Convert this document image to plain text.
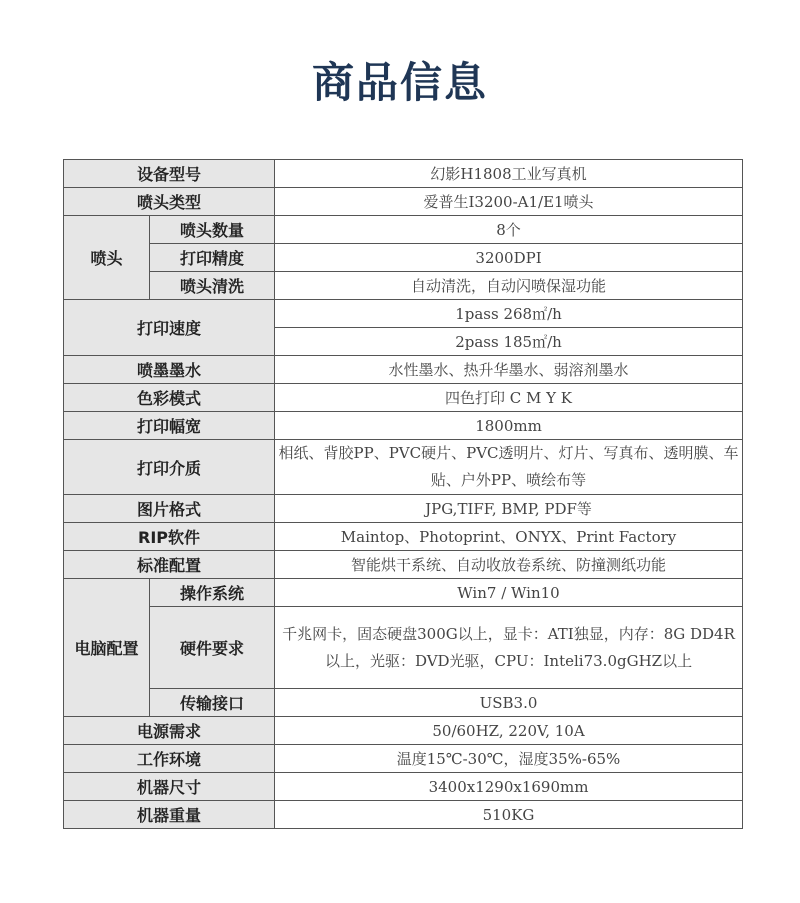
商品信息
设备型号		幻影H1808工业写真机
喷头类型		爱普生I3200-A1/E1喷头
喷头	喷头数量	8个
	打印精度	3200DPI
	喷头清洗	自动清洗，自动闪喷保湿功能
打印速度		1pass 268㎡/h
		2pass 185㎡/h
喷墨墨水		水性墨水、热升华墨水、弱溶剂墨水
色彩模式		四色打印 C M Y K
打印幅宽		1800mm
打印介质		相纸、背胶PP、PVC硬片、PVC透明片、灯片、写真布、透明膜、车贴、户外PP、喷绘布等
图片格式		JPG,TIFF, BMP, PDF等
RIP软件		Maintop、Photoprint、ONYX、Print Factory
标准配置		智能烘干系统、自动收放卷系统、防撞测纸功能
电脑配置	操作系统	Win7 / Win10
	硬件要求	千兆网卡，固态硬盘300G以上，显卡：ATI独显，内存：8G DD4R以上，光驱：DVD光驱，CPU：Inteli73.0gGHZ以上
	传输接口	USB3.0
电源需求		50/60HZ, 220V, 10A
工作环境		温度15℃-30℃，湿度35%-65%
机器尺寸		3400x1290x1690mm
机器重量		510KG
